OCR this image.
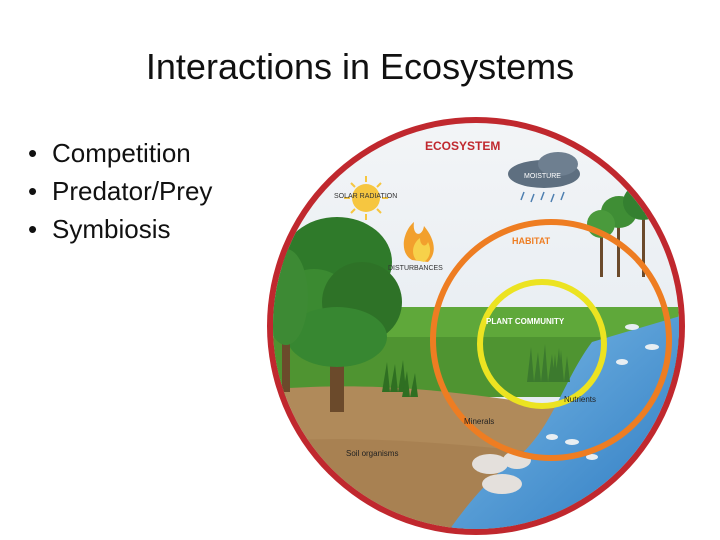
Interactions in Ecosystems
• Competition
• Predator/Prey
• Symbiosis
ECOSYSTEM
SOLAR RADIATION
MOISTURE
HABITAT
DISTURBANCES
PLANT COMMUNITY
Nutrients
Minerals
Soil organisms
